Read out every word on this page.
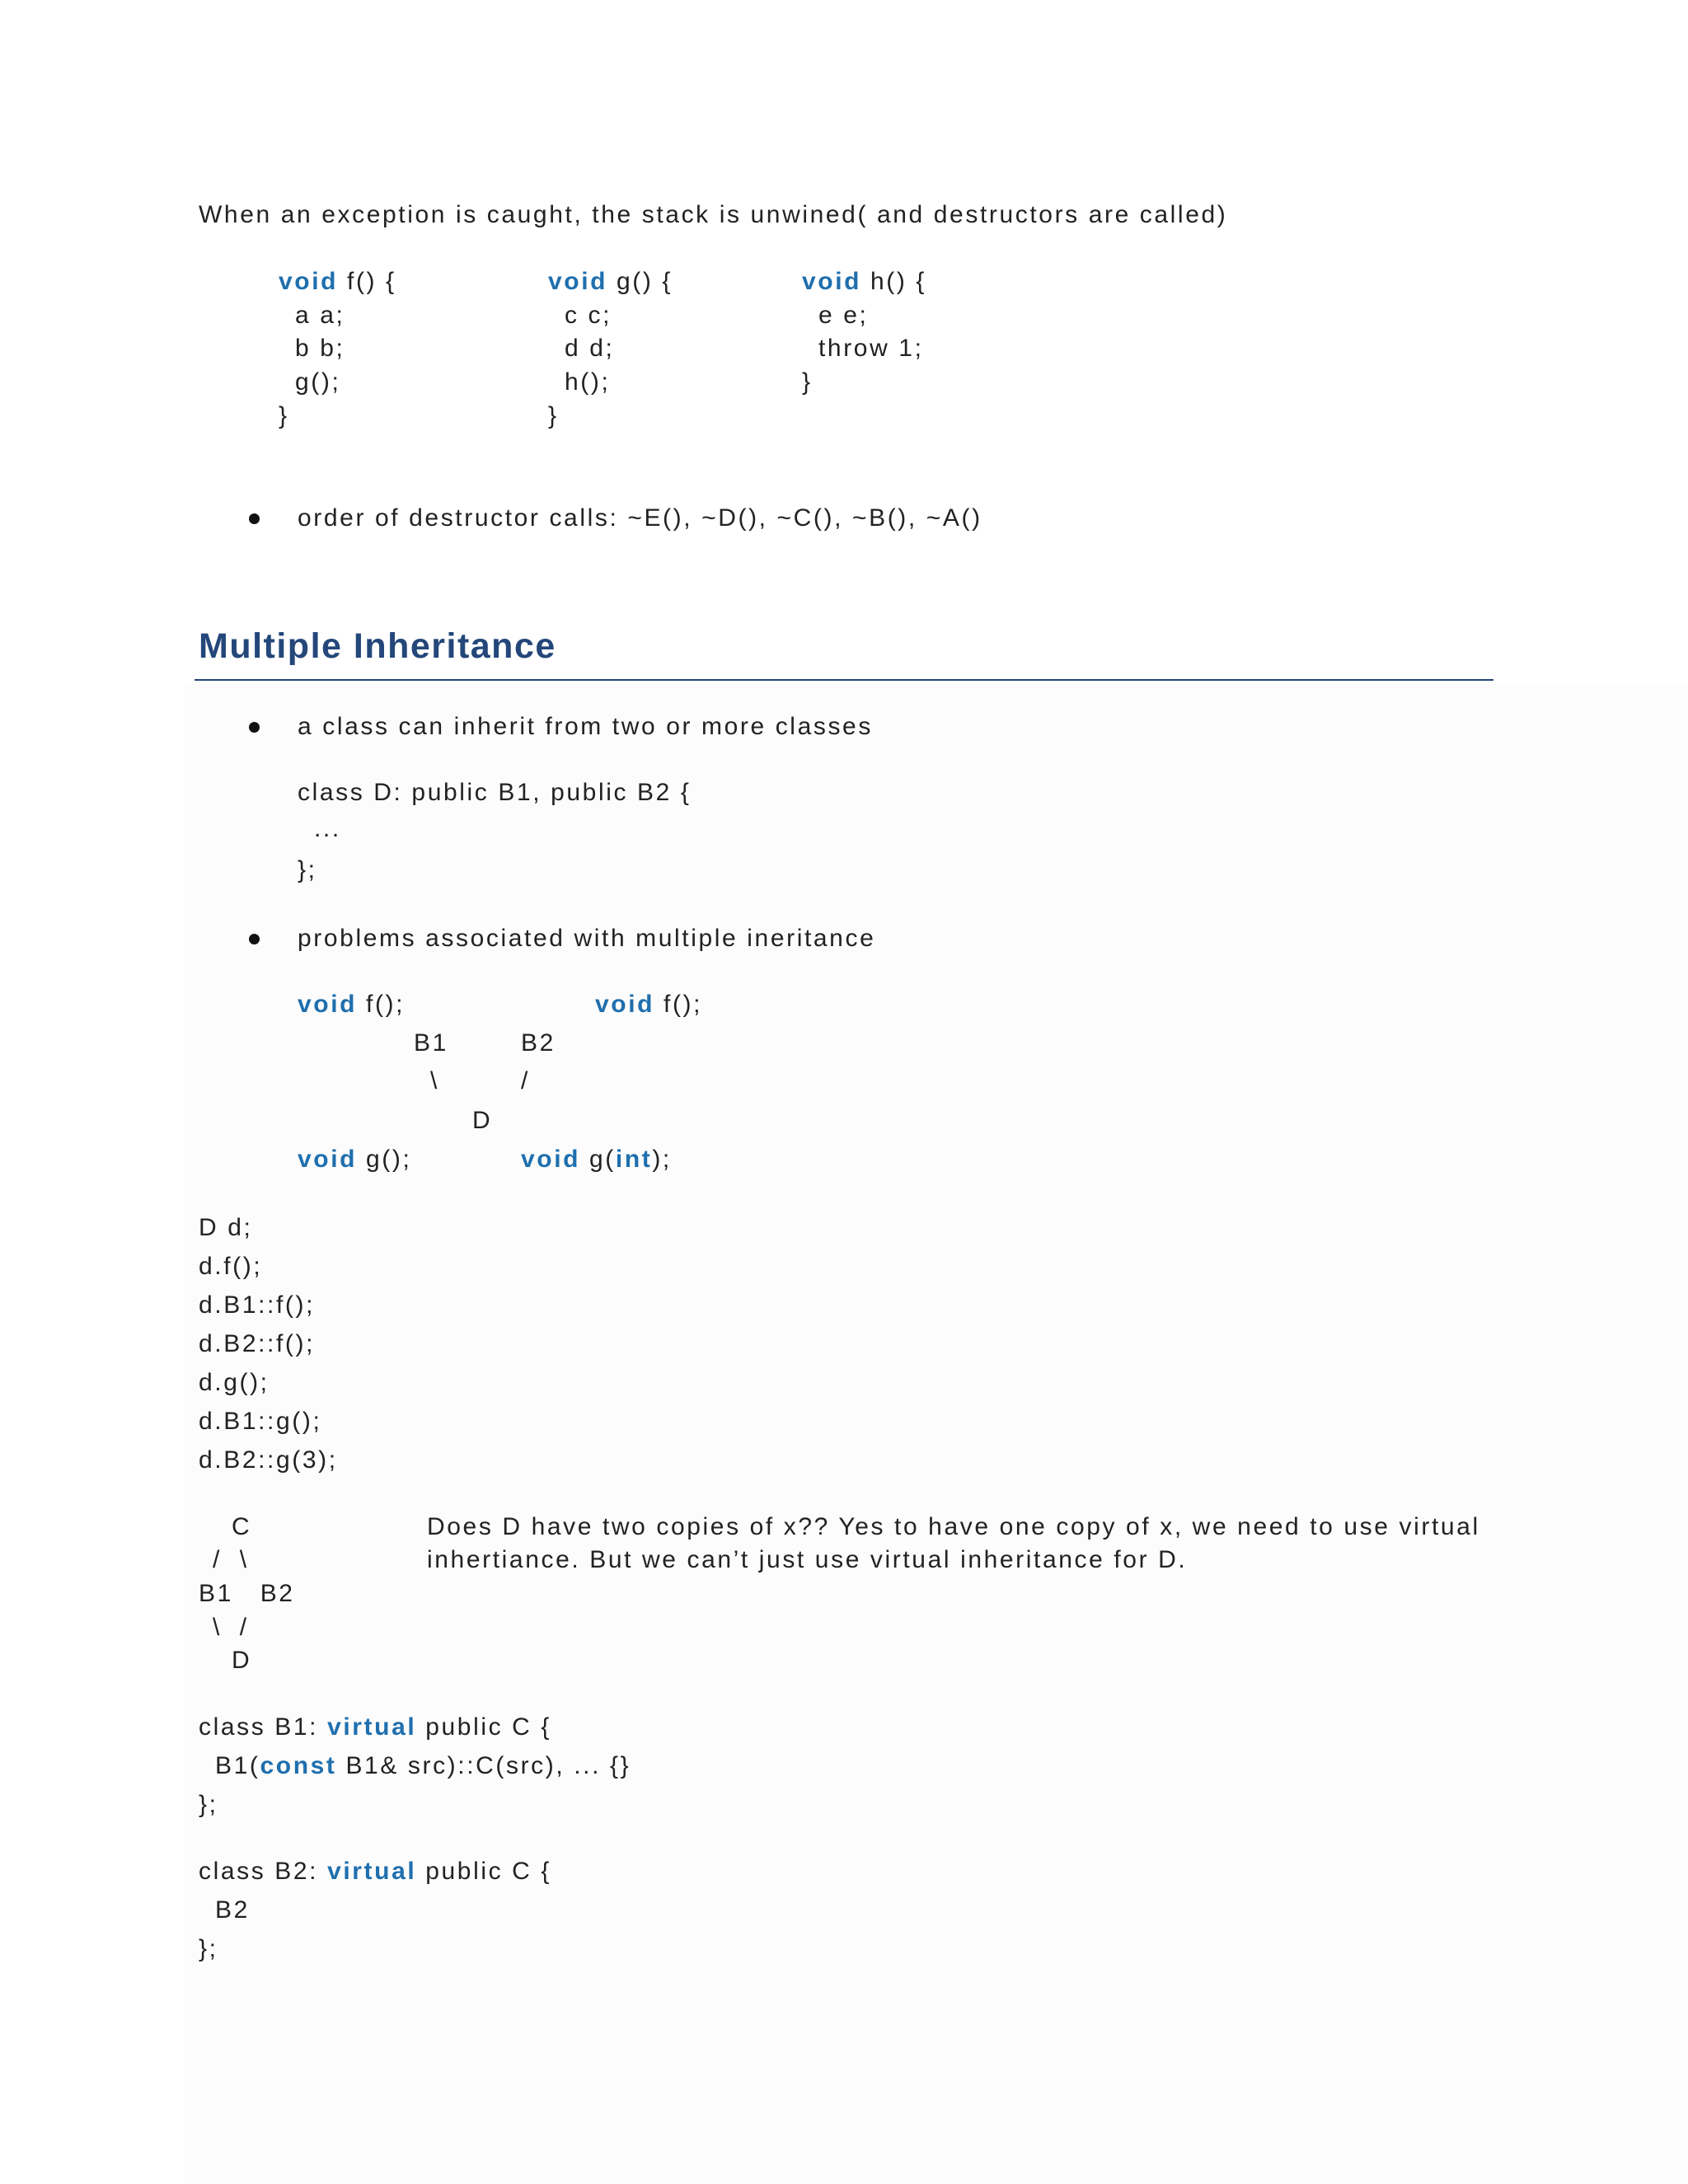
When an exception is caught, the stack is unwined( and destructors are called)
void f() {
a a;
b b;
g();
}
void g() {
c c;
d d;
h();
}
void h() {
e e;
throw 1;
}
order of destructor calls: ~E(), ~D(), ~C(), ~B(), ~A()
Multiple Inheritance
a class can inherit from two or more classes
class D: public B1, public B2 {
...
};
problems associated with multiple ineritance
void f();	void f();
B1	B2
\	/
D
void g();	void g(int);
D d;
d.f();
d.B1::f();
d.B2::f();
d.g();
d.B1::g();
d.B2::g(3);
C
/  \
B1   B2
\  /
D
Does D have two copies of x?? Yes to have one copy of x, we need to use virtual
inhertiance. But we can’t just use virtual inheritance for D.
class B1: virtual public C {
B1(const B1& src)::C(src), ... {}
};
class B2: virtual public C {
B2
};
